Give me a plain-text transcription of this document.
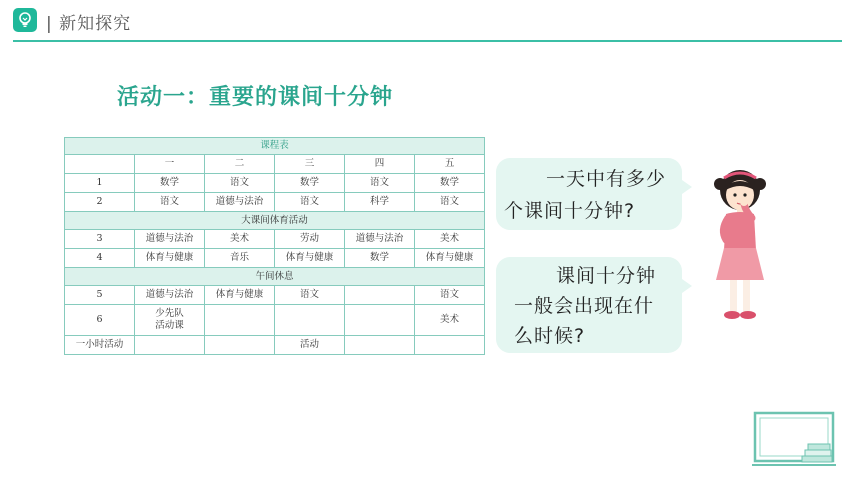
| 新知探究
活动一：重要的课间十分钟
课程表					
	一	二	三	四	五
1	数学	语文	数学	语文	数学
2	语文	道德与法治	语文	科学	语文
大课间体育活动					
3	道德与法治	美术	劳动	道德与法治	美术
4	体育与健康	音乐	体育与健康	数学	体育与健康
午间休息					
5	道德与法治	体育与健康	语文		语文
6	少先队
活动课				美术
一小时活动			活动		
一天中有多少
个课间十分钟?
课间十分钟
一般会出现在什
么时候?
